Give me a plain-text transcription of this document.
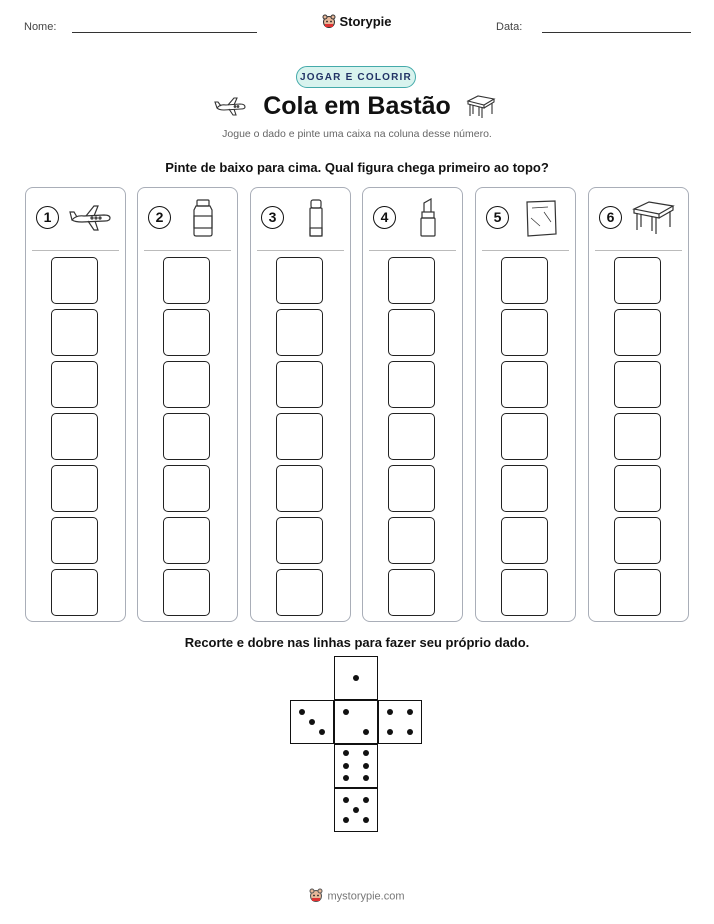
Nome:	Storypie	Data:
JOGAR E COLORIR
Cola em Bastão
Jogue o dado e pinte uma caixa na coluna desse número.
Pinte de baixo para cima. Qual figura chega primeiro ao topo?
1	2	3	4	5	6
Recorte e dobre nas linhas para fazer seu próprio dado.
mystorypie.com
